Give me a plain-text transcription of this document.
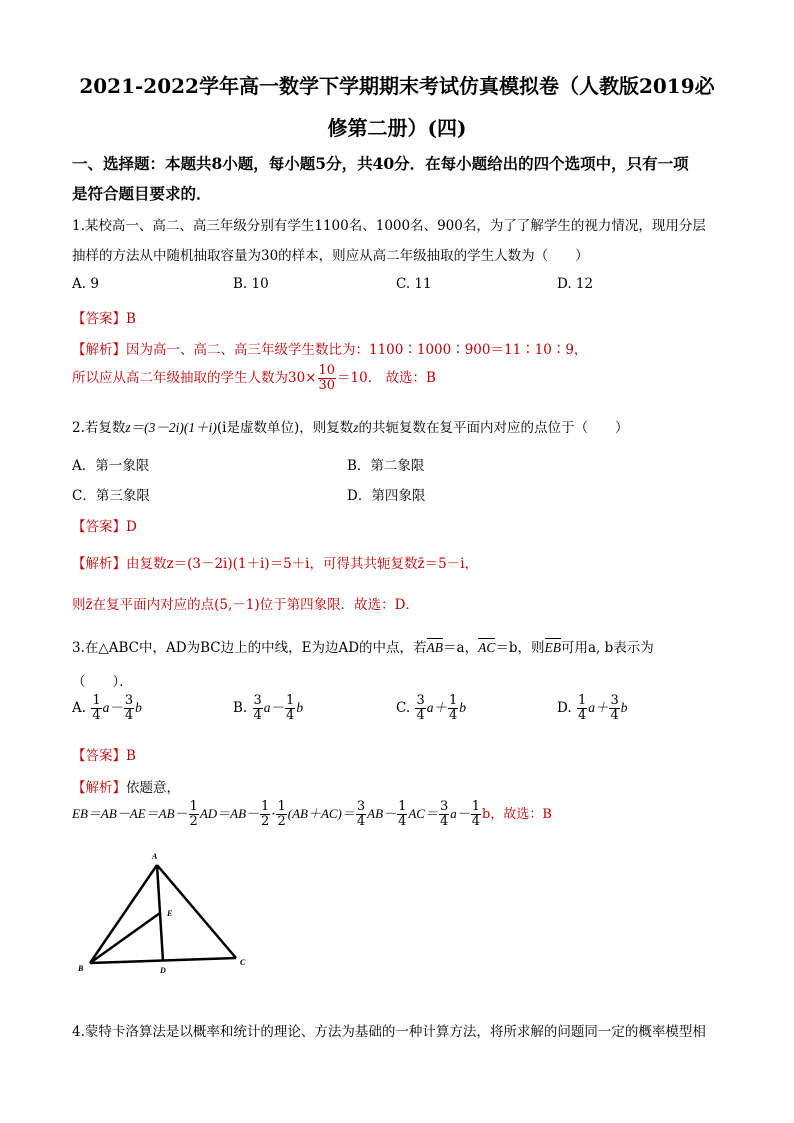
2021-2022学年高一数学下学期期末考试仿真模拟卷（人教版2019必
修第二册）(四)
一、选择题：本题共8小题，每小题5分，共40分．在每小题给出的四个选项中，只有一项
是符合题目要求的．
1.某校高一、高二、高三年级分别有学生1100名、1000名、900名，为了了解学生的视力情况，现用分层
抽样的方法从中随机抽取容量为30的样本，则应从高二年级抽取的学生人数为（　　）
A. 9	B. 10	C. 11	D. 12
【答案】B
【解析】因为高一、高二、高三年级学生数比为：1100∶1000∶900＝11∶10∶9，
所以应从高二年级抽取的学生人数为$30\times \frac{10}{30} =10$． 故选：B
2.若复数z＝(3－2i)(1＋i)(i是虚数单位)，则复数z的共轭复数在复平面内对应的点位于（　　）
A．第一象限	B．第二象限
C．第三象限	D．第四象限
【答案】D
【解析】由复数z＝(3－2i)(1＋i)＝5＋i，可得其共轭复数z̄＝5－i，
则z̄在复平面内对应的点(5,－1)位于第四象限．故选：D．
3.在△ABC中，AD为BC边上的中线，E为边AD的中点，若AB＝a，AC＝b，则EB可用a, b表示为
（　　）．
A. $\frac{1}{4} a- \frac{3}{4}$ b	B. $\frac{3}{4} a- \frac{1}{4}$ b	C. $\frac{3}{4} a+ \frac{1}{4}$ b	D. $\frac{1}{4} a+ \frac{3}{4}$ b
【答案】B
【解析】依题意，
$EB=AB-AE=AB- \frac{1}{2} AD=AB- \frac{1}{2} \cdot \frac{1}{2} (AB+AC)= \frac{3}{4} AB- \frac{1}{4} AC= \frac{3}{4} a- \frac{1}{4}$ b，故选：B
A
E
B	D
C
4.蒙特卡洛算法是以概率和统计的理论、方法为基础的一种计算方法，将所求解的问题同一定的概率模型相
